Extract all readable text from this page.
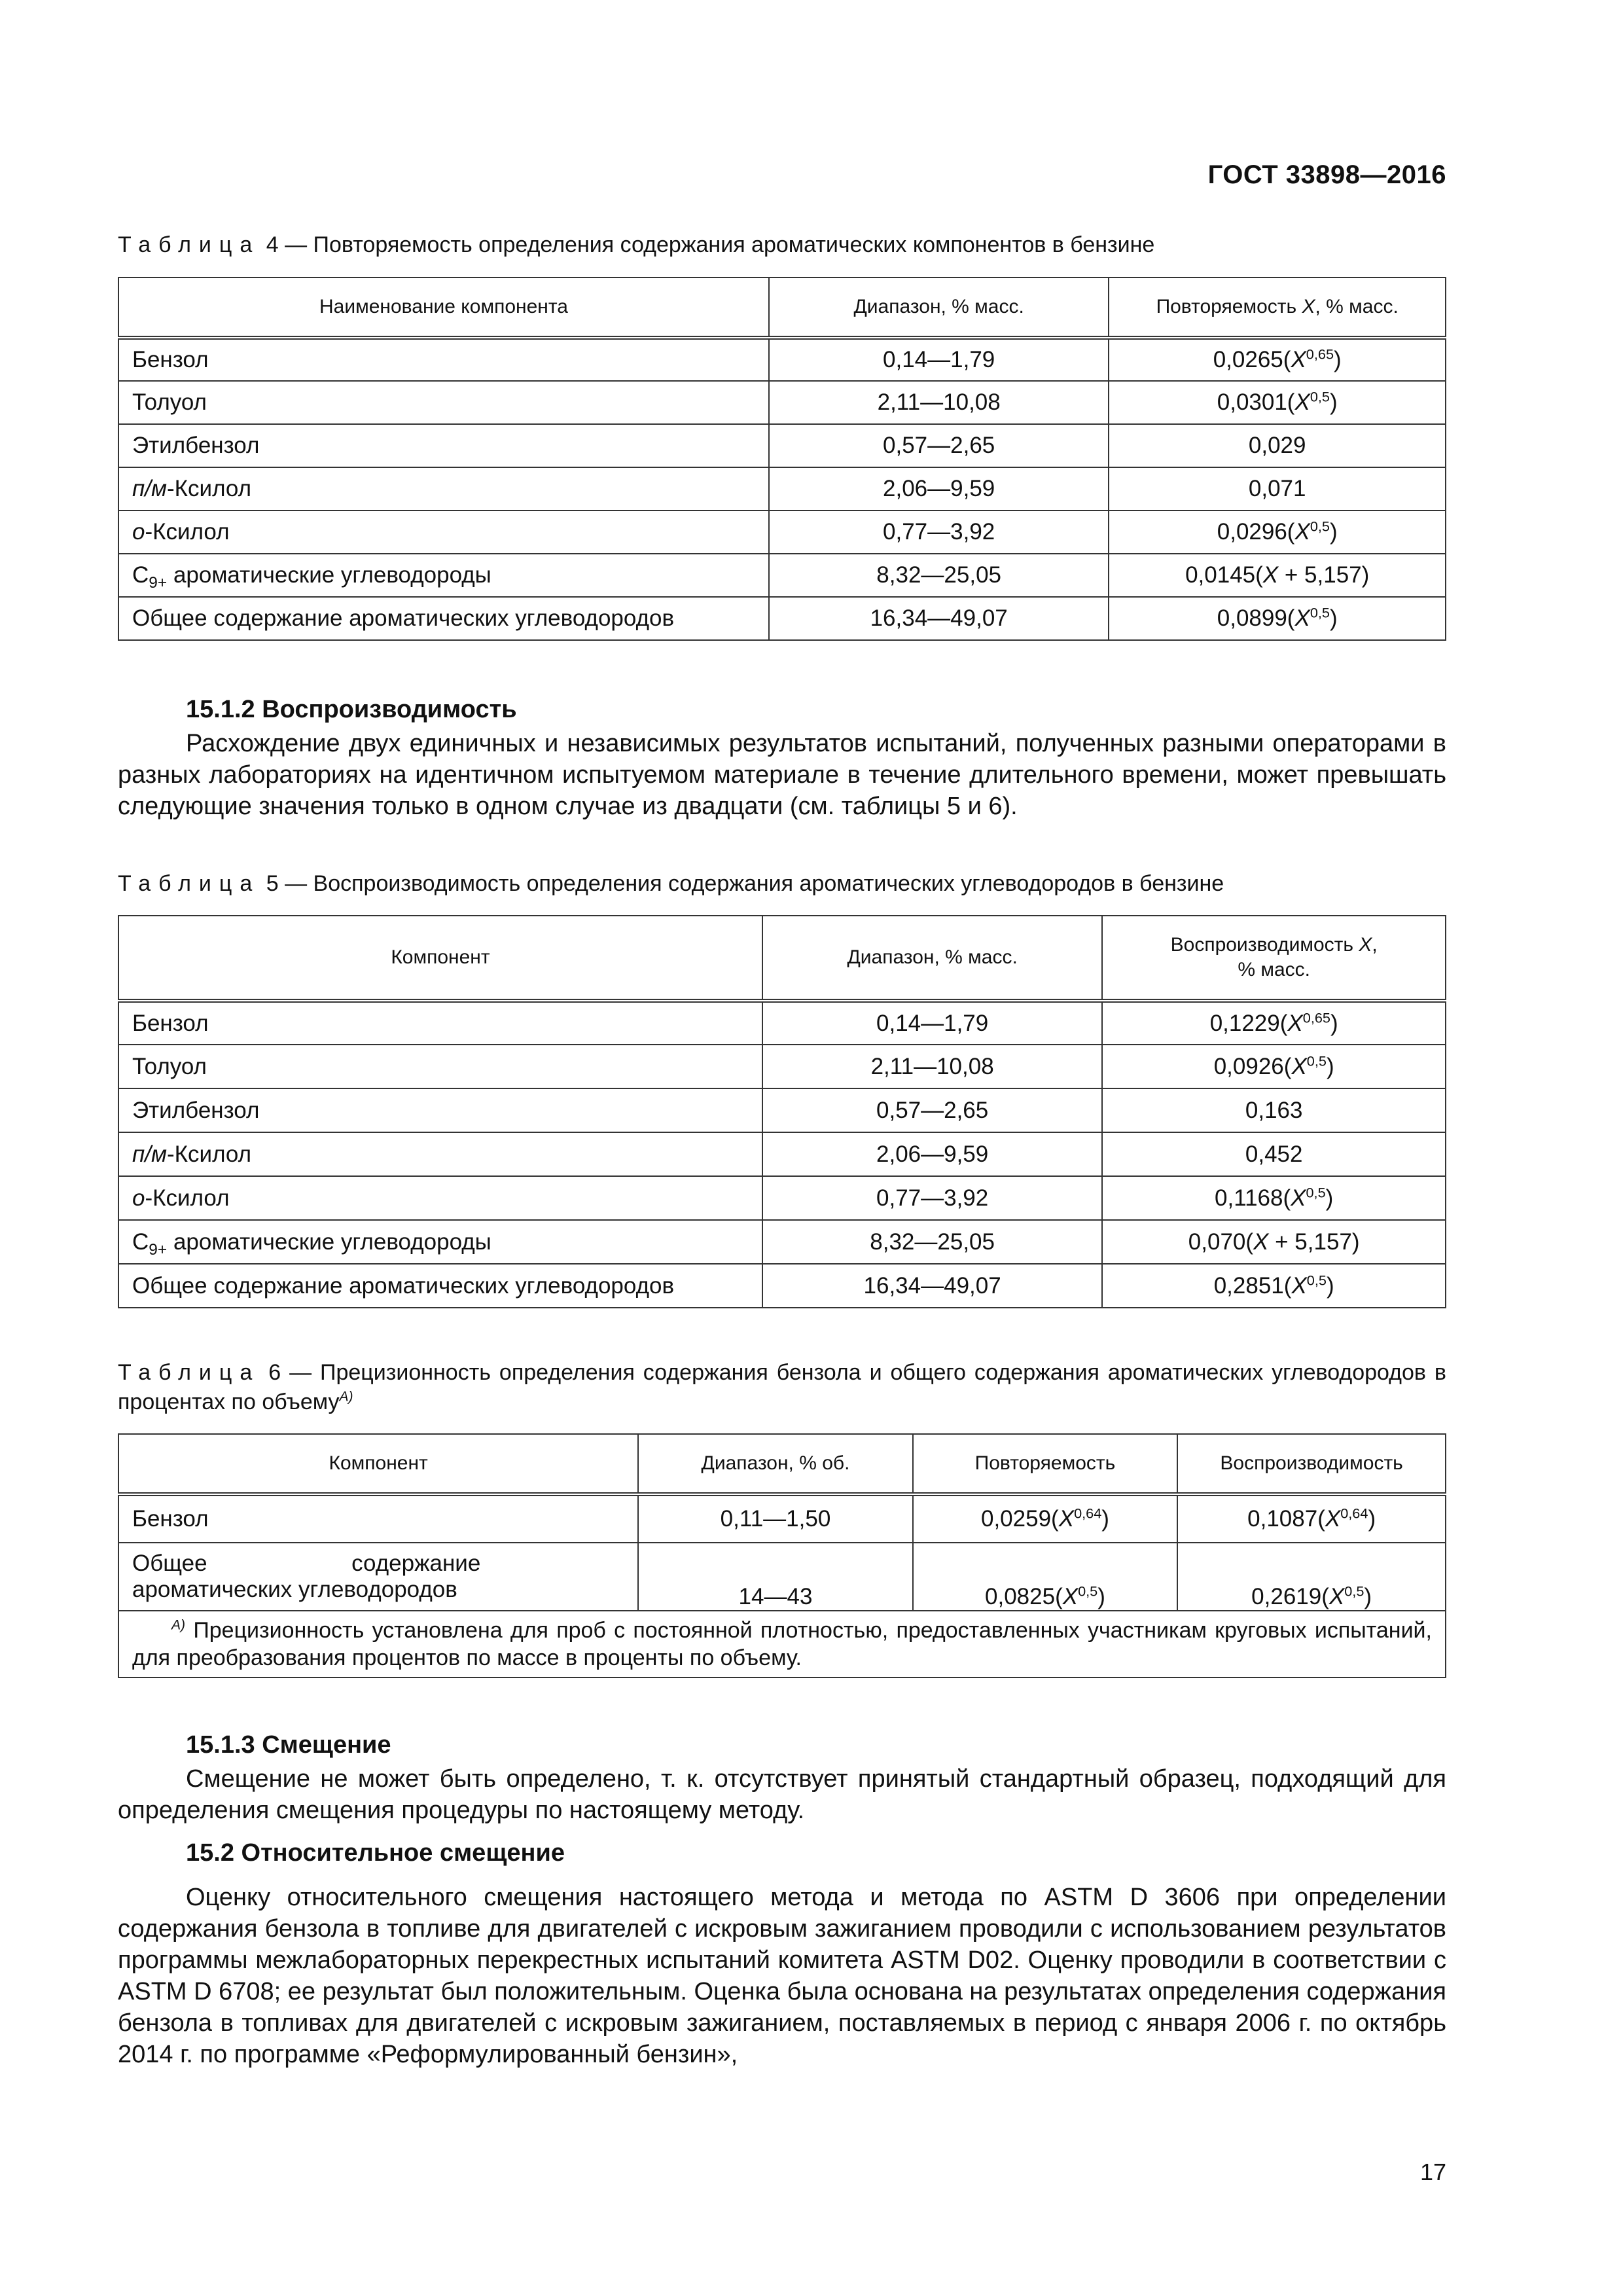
ГОСТ 33898—2016
Таблица 4 — Повторяемость определения содержания ароматических компонентов в бензине
Наименование компонента	Диапазон, % масс.	Повторяемость X, % масс.
Бензол	0,14—1,79	$0,0265(X^{0,65})$
Толуол	2,11—10,08	$0,0301(X^{0,5})$
Этилбензол	0,57—2,65	0,029
п/м-Ксилол	2,06—9,59	0,071
о-Ксилол	0,77—3,92	$0,0296(X^{0,5})$
$C_{9+}$ ароматические углеводороды	8,32—25,05	0,0145(X + 5,157)
Общее содержание ароматических углеводородов	16,34—49,07	$0,0899(X^{0,5})$
15.1.2 Воспроизводимость
Расхождение двух единичных и независимых результатов испытаний, полученных разными операторами в разных лабораториях на идентичном испытуемом материале в течение длительного времени, может превышать следующие значения только в одном случае из двадцати (см. таблицы 5 и 6).
Таблица 5 — Воспроизводимость определения содержания ароматических углеводородов в бензине
Компонент	Диапазон, % масс.	Воспроизводимость X,
% масс.
Бензол	0,14—1,79	$0,1229(X^{0,65})$
Толуол	2,11—10,08	$0,0926(X^{0,5})$
Этилбензол	0,57—2,65	0,163
п/м-Ксилол	2,06—9,59	0,452
о-Ксилол	0,77—3,92	$0,1168(X^{0,5})$
$C_{9+}$ ароматические углеводороды	8,32—25,05	0,070(X + 5,157)
Общее содержание ароматических углеводородов	16,34—49,07	$0,2851(X^{0,5})$
Таблица 6 — Прецизионность определения содержания бензола и общего содержания ароматических углеводородов в процентах по объему$^{A)}$
Компонент	Диапазон, % об.	Повторяемость	Воспроизводимость
Бензол	0,11—1,50	$0,0259(X^{0,64})$	$0,1087(X^{0,64})$
Общее содержание ароматических углеводородов	14—43	$0,0825(X^{0,5})$	$0,2619(X^{0,5})$
$^{A)}$ Прецизионность установлена для проб с постоянной плотностью, предоставленных участникам круговых испытаний, для преобразования процентов по массе в проценты по объему.			
15.1.3 Смещение
Смещение не может быть определено, т. к. отсутствует принятый стандартный образец, подходящий для определения смещения процедуры по настоящему методу.
15.2 Относительное смещение
Оценку относительного смещения настоящего метода и метода по ASTM D 3606 при определении содержания бензола в топливе для двигателей с искровым зажиганием проводили с использованием результатов программы межлабораторных перекрестных испытаний комитета ASTM D02. Оценку проводили в соответствии с ASTM D 6708; ее результат был положительным. Оценка была основана на результатах определения содержания бензола в топливах для двигателей с искровым зажиганием, поставляемых в период с января 2006 г. по октябрь 2014 г. по программе «Реформулированный бензин»,
17
